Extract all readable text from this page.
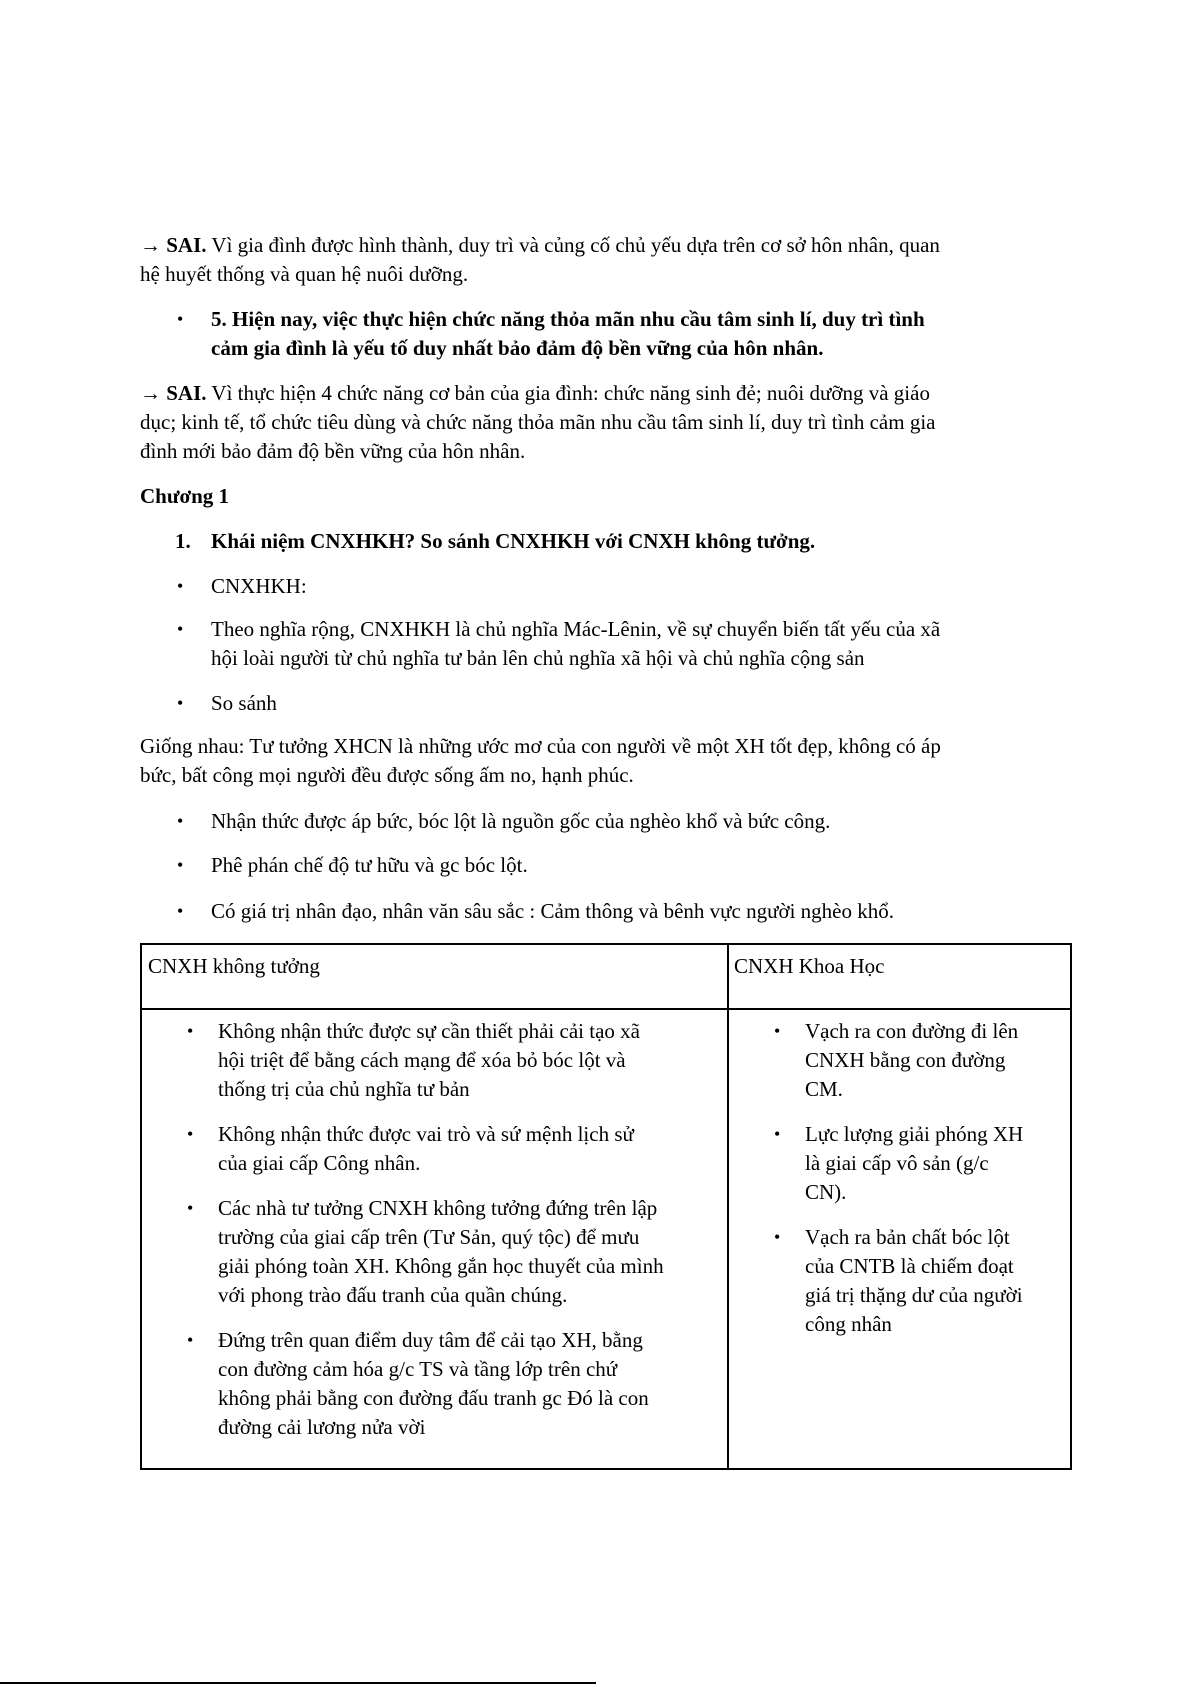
→ SAI. Vì gia đình được hình thành, duy trì và củng cố chủ yếu dựa trên cơ sở hôn nhân, quan
hệ huyết thống và quan hệ nuôi dưỡng.
• 5. Hiện nay, việc thực hiện chức năng thỏa mãn nhu cầu tâm sinh lí, duy trì tình
cảm gia đình là yếu tố duy nhất bảo đảm độ bền vững của hôn nhân.
→ SAI. Vì thực hiện 4 chức năng cơ bản của gia đình: chức năng sinh đẻ; nuôi dưỡng và giáo
dục; kinh tế, tổ chức tiêu dùng và chức năng thỏa mãn nhu cầu tâm sinh lí, duy trì tình cảm gia
đình mới bảo đảm độ bền vững của hôn nhân.
Chương 1
1. Khái niệm CNXHKH? So sánh CNXHKH với CNXH không tưởng.
• CNXHKH:
• Theo nghĩa rộng, CNXHKH là chủ nghĩa Mác-Lênin, về sự chuyển biến tất yếu của xã
hội loài người từ chủ nghĩa tư bản lên chủ nghĩa xã hội và chủ nghĩa cộng sản
• So sánh
Giống nhau: Tư tưởng XHCN là những ước mơ của con người về một XH tốt đẹp, không có áp
bức, bất công mọi người đều được sống ấm no, hạnh phúc.
• Nhận thức được áp bức, bóc lột là nguồn gốc của nghèo khổ và bức công.
• Phê phán chế độ tư hữu và gc bóc lột.
• Có giá trị nhân đạo, nhân văn sâu sắc : Cảm thông và bênh vực người nghèo khổ.
CNXH không tưởng	CNXH Khoa Học
• Không nhận thức được sự cần thiết phải cải tạo xã
hội triệt để bằng cách mạng để xóa bỏ bóc lột và
thống trị của chủ nghĩa tư bản
• Không nhận thức được vai trò và sứ mệnh lịch sử
của giai cấp Công nhân.
• Các nhà tư tưởng CNXH không tưởng đứng trên lập
trường của giai cấp trên (Tư Sản, quý tộc) để mưu
giải phóng toàn XH. Không gắn học thuyết của mình
với phong trào đấu tranh của quần chúng.
• Đứng trên quan điểm duy tâm để cải tạo XH, bằng
con đường cảm hóa g/c TS và tầng lớp trên chứ
không phải bằng con đường đấu tranh gc Đó là con
đường cải lương nửa vời
• Vạch ra con đường đi lên
CNXH bằng con đường
CM.
• Lực lượng giải phóng XH
là giai cấp vô sản (g/c
CN).
• Vạch ra bản chất bóc lột
của CNTB là chiếm đoạt
giá trị thặng dư của người
công nhân
